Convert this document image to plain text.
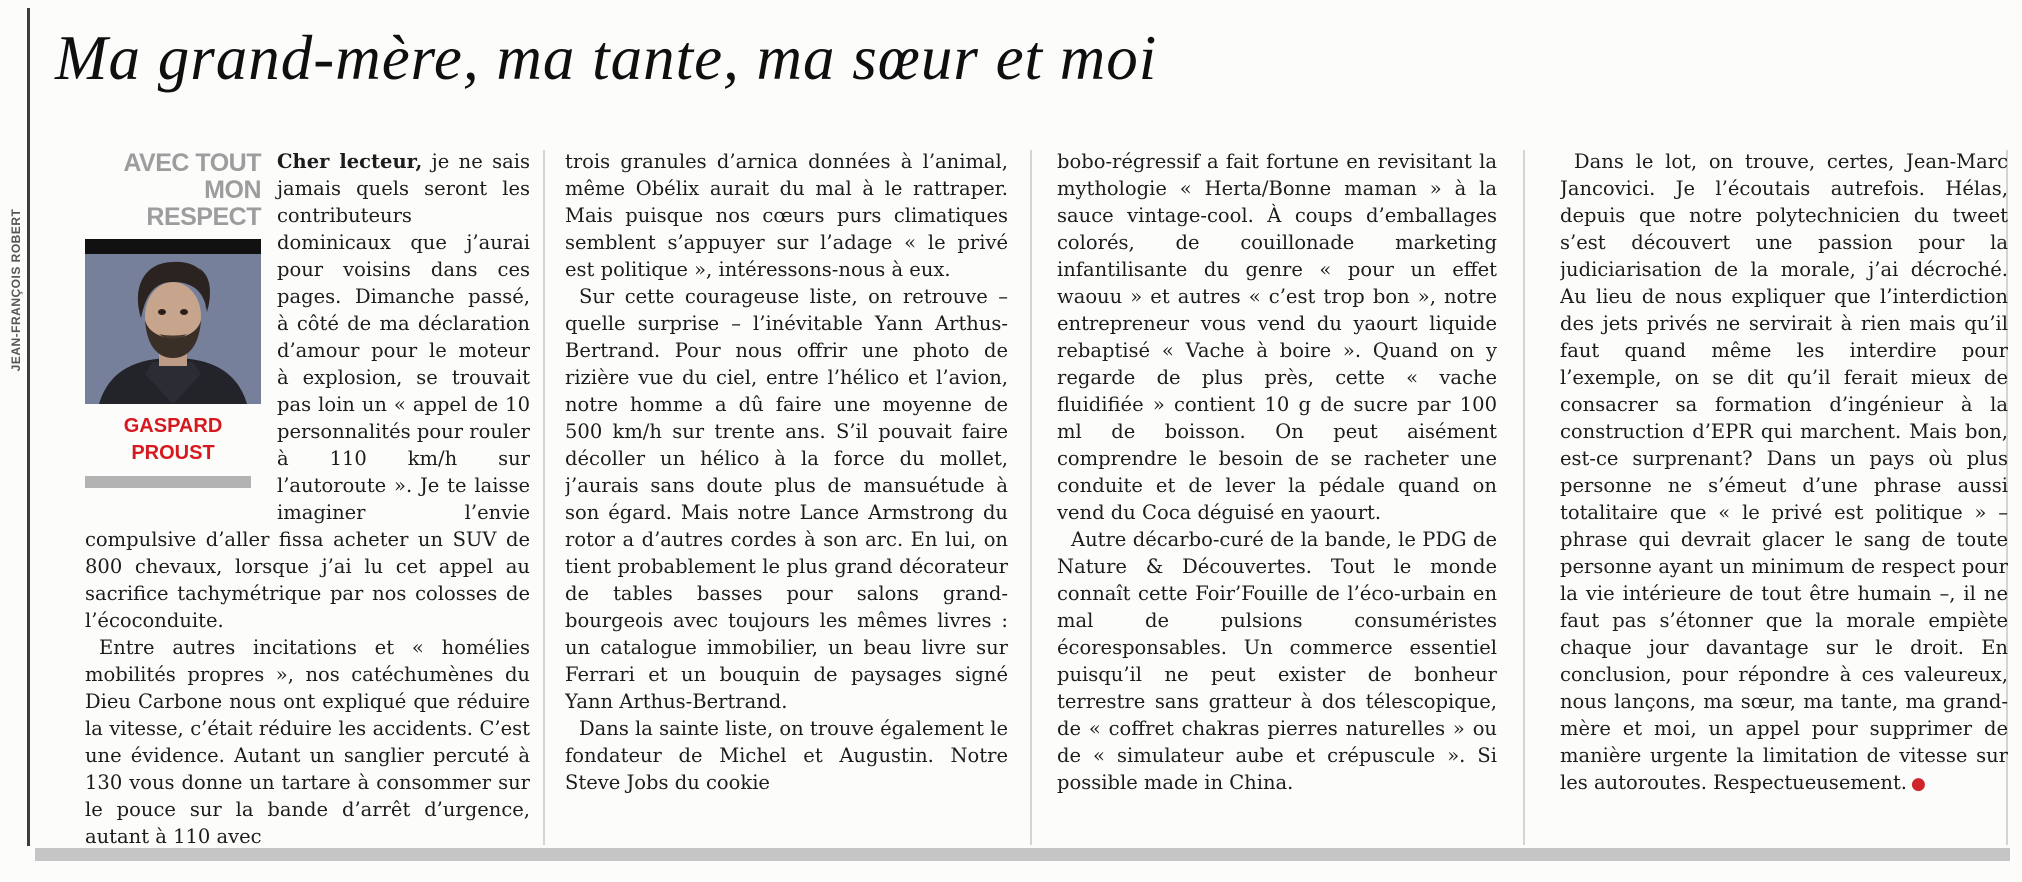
JEAN-FRANÇOIS ROBERT
Ma grand-mère, ma tante, ma sœur et moi
AVEC TOUT
MON RESPECT
GASPARD PROUST

Cher lecteur, je ne sais jamais quels seront les contributeurs dominicaux que j’aurai pour voisins dans ces pages. Dimanche passé, à côté de ma déclaration d’amour pour le moteur à explosion, se trouvait pas loin un « appel de 10 personnalités pour rouler à 110 km/h sur l’autoroute ». Je te laisse imaginer l’envie compulsive d’aller fissa acheter un SUV de 800 chevaux, lorsque j’ai lu cet appel au sacrifice tachymétrique par nos colosses de l’écoconduite.

Entre autres incitations et « homélies mobilités propres », nos catéchumènes du Dieu Carbone nous ont expliqué que réduire la vitesse, c’était réduire les accidents. C’est une évidence. Autant un sanglier percuté à 130 vous donne un tartare à consommer sur le pouce sur la bande d’arrêt d’urgence, autant à 110 avec

trois granules d’arnica données à l’animal, même Obélix aurait du mal à le rattraper. Mais puisque nos cœurs purs climatiques semblent s’appuyer sur l’adage « le privé est politique », intéressons-nous à eux.

Sur cette courageuse liste, on retrouve – quelle surprise – l’inévitable Yann Arthus-Bertrand. Pour nous offrir une photo de rizière vue du ciel, entre l’hélico et l’avion, notre homme a dû faire une moyenne de 500 km/h sur trente ans. S’il pouvait faire décoller un hélico à la force du mollet, j’aurais sans doute plus de mansuétude à son égard. Mais notre Lance Armstrong du rotor a d’autres cordes à son arc. En lui, on tient probablement le plus grand décorateur de tables basses pour salons grand-bourgeois avec toujours les mêmes livres : un catalogue immobilier, un beau livre sur Ferrari et un bouquin de paysages signé Yann Arthus-Bertrand.

Dans la sainte liste, on trouve également le fondateur de Michel et Augustin. Notre Steve Jobs du cookie

bobo-régressif a fait fortune en revisitant la mythologie « Herta/Bonne maman » à la sauce vintage-cool. À coups d’emballages colorés, de couillonade marketing infantilisante du genre « pour un effet waouu » et autres « c’est trop bon », notre entrepreneur vous vend du yaourt liquide rebaptisé « Vache à boire ». Quand on y regarde de plus près, cette « vache fluidifiée » contient 10 g de sucre par 100 ml de boisson. On peut aisément comprendre le besoin de se racheter une conduite et de lever la pédale quand on vend du Coca déguisé en yaourt.

Autre décarbo-curé de la bande, le PDG de Nature & Découvertes. Tout le monde connaît cette Foir’Fouille de l’éco-urbain en mal de pulsions consuméristes écoresponsables. Un commerce essentiel puisqu’il ne peut exister de bonheur terrestre sans gratteur à dos télescopique, de « coffret chakras pierres naturelles » ou de « simulateur aube et crépuscule ». Si possible made in China.

Dans le lot, on trouve, certes, Jean-Marc Jancovici. Je l’écoutais autrefois. Hélas, depuis que notre polytechnicien du tweet s’est découvert une passion pour la judiciarisation de la morale, j’ai décroché. Au lieu de nous expliquer que l’interdiction des jets privés ne servirait à rien mais qu’il faut quand même les interdire pour l’exemple, on se dit qu’il ferait mieux de consacrer sa formation d’ingénieur à la construction d’EPR qui marchent. Mais bon, est-ce surprenant? Dans un pays où plus personne ne s’émeut d’une phrase aussi totalitaire que « le privé est politique » – phrase qui devrait glacer le sang de toute personne ayant un minimum de respect pour la vie intérieure de tout être humain –, il ne faut pas s’étonner que la morale empiète chaque jour davantage sur le droit. En conclusion, pour répondre à ces valeureux, nous lançons, ma sœur, ma tante, ma grand-mère et moi, un appel pour supprimer de manière urgente la limitation de vitesse sur les autoroutes. Respectueusement. ●
